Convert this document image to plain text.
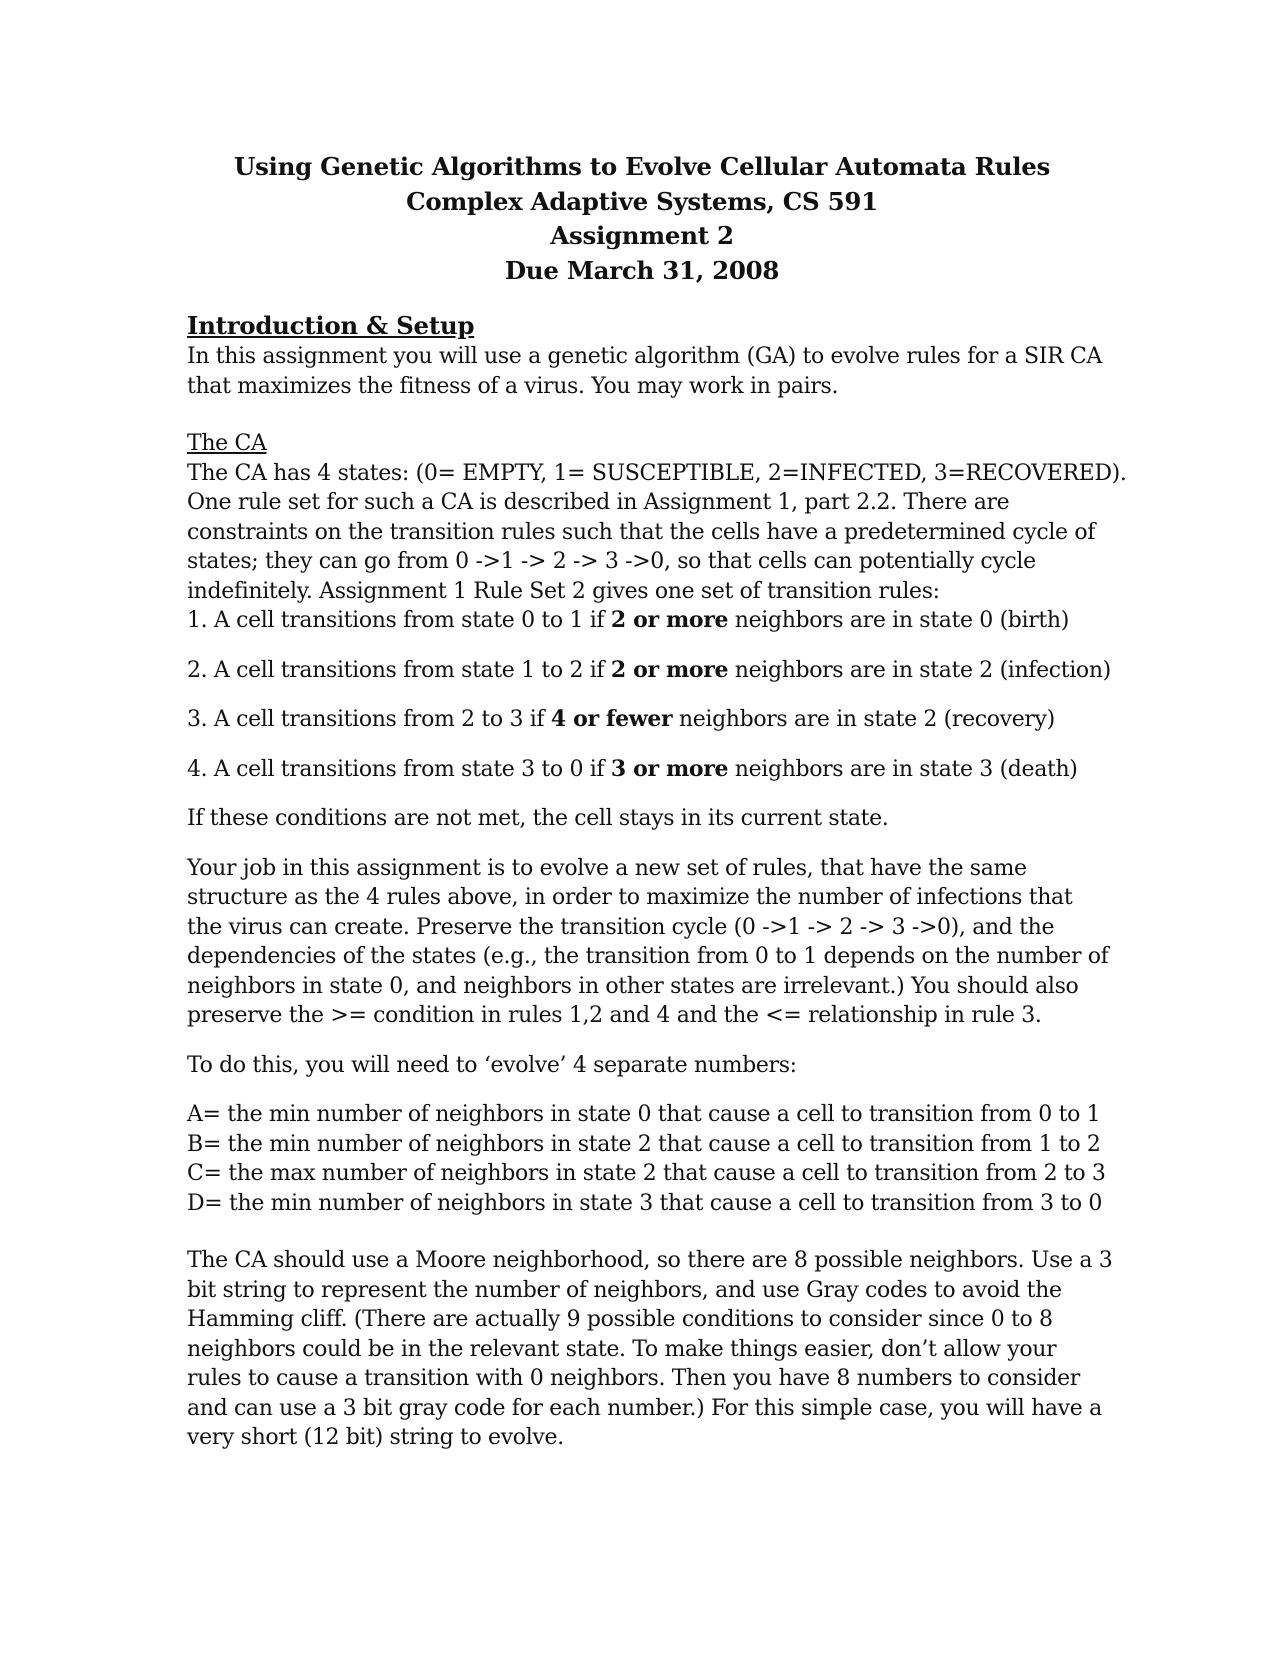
Using Genetic Algorithms to Evolve Cellular Automata Rules
Complex Adaptive Systems, CS 591
Assignment 2
Due March 31, 2008
Introduction & Setup

In this assignment you will use a genetic algorithm (GA) to evolve rules for a SIR CA
that maximizes the fitness of a virus. You may work in pairs.

The CA

The CA has 4 states: (0= EMPTY, 1= SUSCEPTIBLE, 2=INFECTED, 3=RECOVERED).
One rule set for such a CA is described in Assignment 1, part 2.2. There are
constraints on the transition rules such that the cells have a predetermined cycle of
states; they can go from 0 ->1 -> 2 -> 3 ->0, so that cells can potentially cycle
indefinitely. Assignment 1 Rule Set 2 gives one set of transition rules:

1. A cell transitions from state 0 to 1 if 2 or more neighbors are in state 0 (birth)

2. A cell transitions from state 1 to 2 if 2 or more neighbors are in state 2 (infection)

3. A cell transitions from 2 to 3 if 4 or fewer neighbors are in state 2 (recovery)

4. A cell transitions from state 3 to 0 if 3 or more neighbors are in state 3 (death)

If these conditions are not met, the cell stays in its current state.

Your job in this assignment is to evolve a new set of rules, that have the same
structure as the 4 rules above, in order to maximize the number of infections that
the virus can create. Preserve the transition cycle (0 ->1 -> 2 -> 3 ->0), and the
dependencies of the states (e.g., the transition from 0 to 1 depends on the number of
neighbors in state 0, and neighbors in other states are irrelevant.) You should also
preserve the >= condition in rules 1,2 and 4 and the <= relationship in rule 3.

To do this, you will need to ‘evolve’ 4 separate numbers:

A= the min number of neighbors in state 0 that cause a cell to transition from 0 to 1
B= the min number of neighbors in state 2 that cause a cell to transition from 1 to 2
C= the max number of neighbors in state 2 that cause a cell to transition from 2 to 3
D= the min number of neighbors in state 3 that cause a cell to transition from 3 to 0

The CA should use a Moore neighborhood, so there are 8 possible neighbors. Use a 3
bit string to represent the number of neighbors, and use Gray codes to avoid the
Hamming cliff. (There are actually 9 possible conditions to consider since 0 to 8
neighbors could be in the relevant state. To make things easier, don’t allow your
rules to cause a transition with 0 neighbors. Then you have 8 numbers to consider
and can use a 3 bit gray code for each number.) For this simple case, you will have a
very short (12 bit) string to evolve.
